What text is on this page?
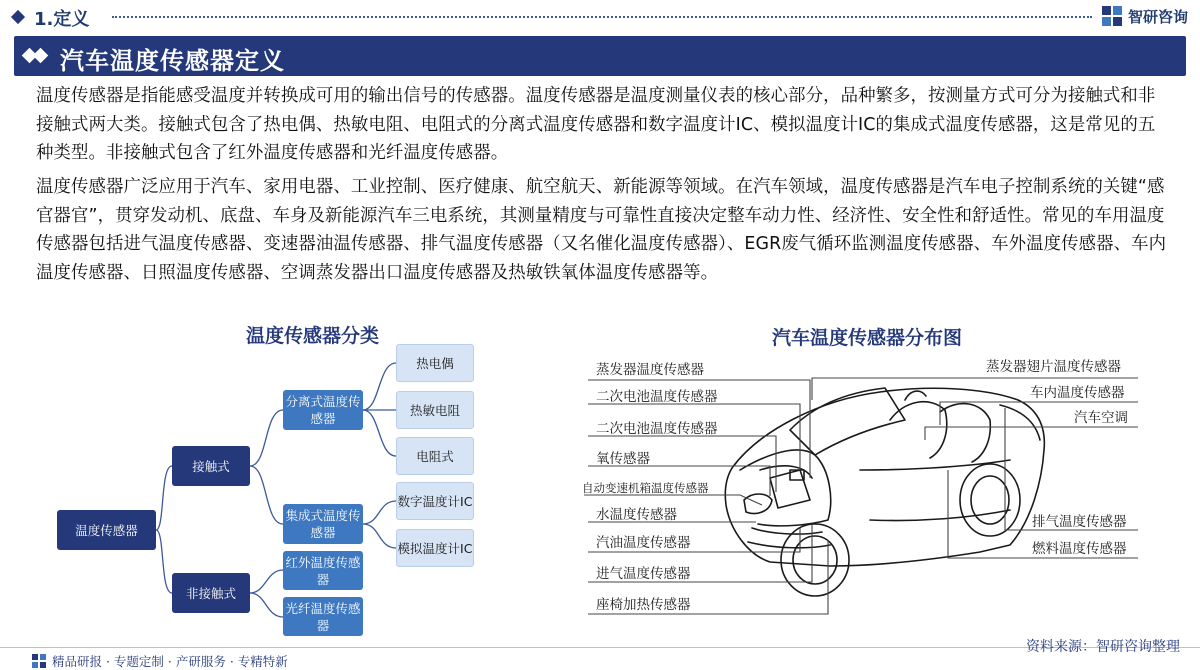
1.定义	智研咨询
汽车温度传感器定义

温度传感器是指能感受温度并转换成可用的输出信号的传感器。温度传感器是温度测量仪表的核心部分，品种繁多，按测量方式可分为接触式和非接触式两大类。接触式包含了热电偶、热敏电阻、电阻式的分离式温度传感器和数字温度计IC、模拟温度计IC的集成式温度传感器，这是常见的五种类型。非接触式包含了红外温度传感器和光纤温度传感器。

温度传感器广泛应用于汽车、家用电器、工业控制、医疗健康、航空航天、新能源等领域。在汽车领域，温度传感器是汽车电子控制系统的关键“感官器官”，贯穿发动机、底盘、车身及新能源汽车三电系统，其测量精度与可靠性直接决定整车动力性、经济性、安全性和舒适性。常见的车用温度传感器包括进气温度传感器、变速器油温传感器、排气温度传感器（又名催化温度传感器）、EGR废气循环监测温度传感器、车外温度传感器、车内温度传感器、日照温度传感器、空调蒸发器出口温度传感器及热敏铁氧体温度传感器等。

温度传感器分类	汽车温度传感器分布图
温度传感器
接触式
非接触式
分离式温度传感器
集成式温度传感器
红外温度传感器
光纤温度传感器
热电偶
热敏电阻
电阻式
数字温度计IC
模拟温度计IC
蒸发器温度传感器
二次电池温度传感器
二次电池温度传感器
氧传感器
自动变速机箱温度传感器
水温度传感器
汽油温度传感器
进气温度传感器
座椅加热传感器
蒸发器翅片温度传感器
车内温度传感器
汽车空调
排气温度传感器
燃料温度传感器
资料来源：智研咨询整理
精品研报 · 专题定制 · 产研服务 · 专精特新
